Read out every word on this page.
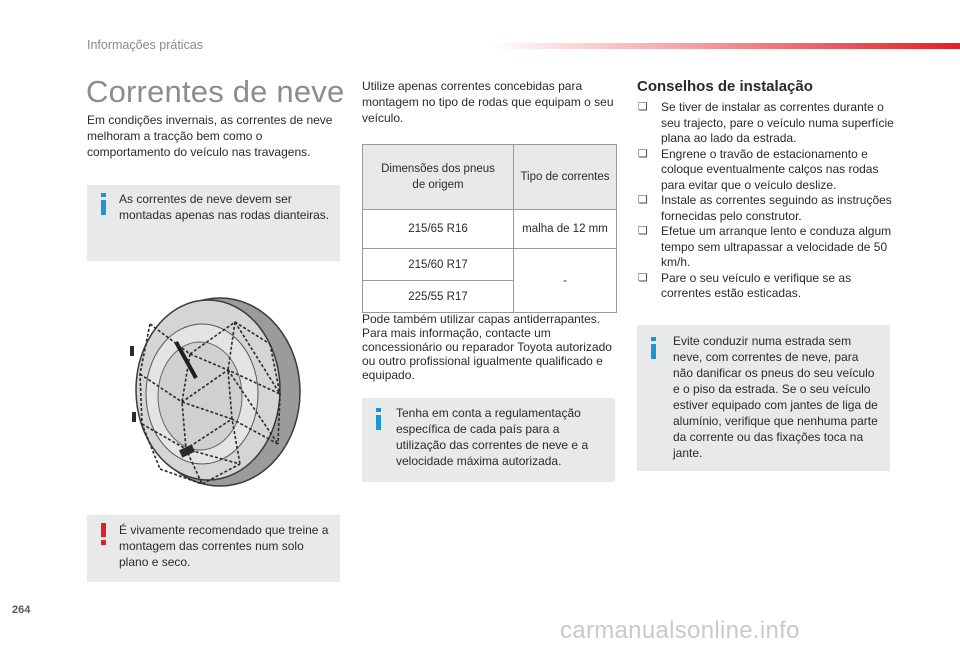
Informações práticas
Correntes de neve
Em condições invernais, as correntes de neve melhoram a tracção bem como o comportamento do veículo nas travagens.
As correntes de neve devem ser montadas apenas nas rodas dianteiras.
É vivamente recomendado que treine a montagem das correntes num solo plano e seco.
Utilize apenas correntes concebidas para montagem no tipo de rodas que equipam o seu veículo.
Dimensões dos pneus de origem	Tipo de correntes
215/65 R16	malha de 12 mm
215/60 R17	-
225/55 R17	
Pode também utilizar capas antiderrapantes. Para mais informação, contacte um concessionário ou reparador Toyota autorizado ou outro profissional igualmente qualificado e equipado.
Tenha em conta a regulamentação específica de cada país para a utilização das correntes de neve e a velocidade máxima autorizada.
Conselhos de instalação
❏ Se tiver de instalar as correntes durante o seu trajecto, pare o veículo numa superfície plana ao lado da estrada.
❏ Engrene o travão de estacionamento e coloque eventualmente calços nas rodas para evitar que o veículo deslize.
❏ Instale as correntes seguindo as instruções fornecidas pelo construtor.
❏ Efetue um arranque lento e conduza algum tempo sem ultrapassar a velocidade de 50 km/h.
❏ Pare o seu veículo e verifique se as correntes estão esticadas.
Evite conduzir numa estrada sem neve, com correntes de neve, para não danificar os pneus do seu veículo e o piso da estrada. Se o seu veículo estiver equipado com jantes de liga de alumínio, verifique que nenhuma parte da corrente ou das fixações toca na jante.
264
carmanualsonline.info
